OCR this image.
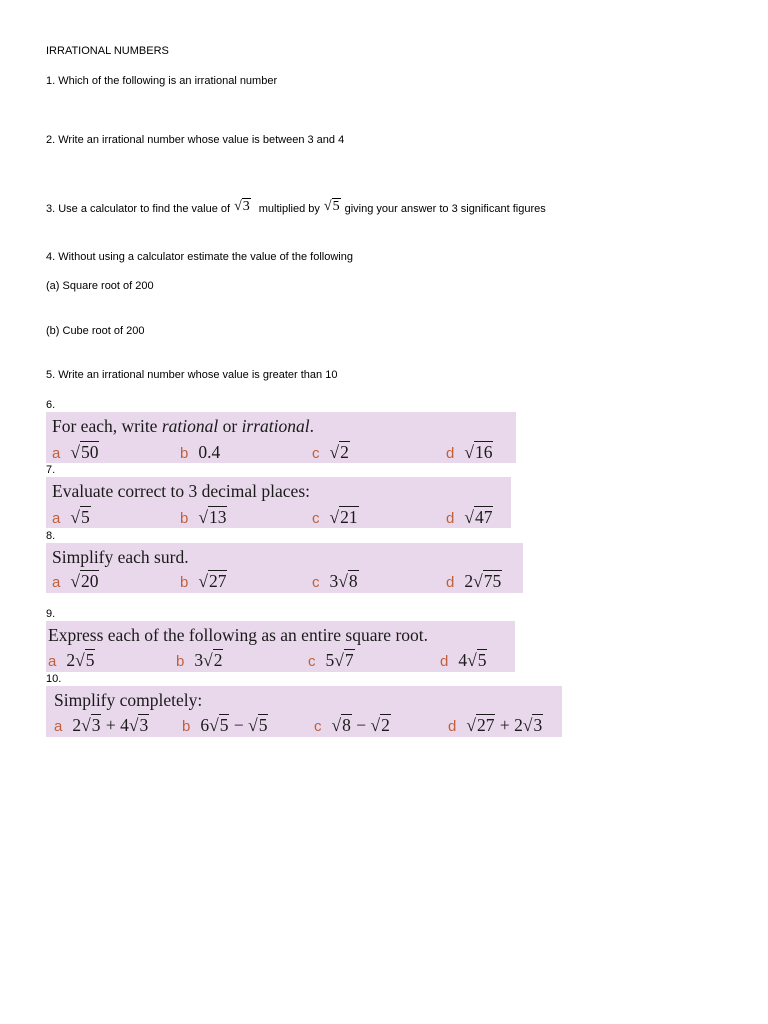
IRRATIONAL NUMBERS
1. Which of the following is an irrational number
2. Write an irrational number whose value is between 3 and 4
3. Use a calculator to find the value of √3 multiplied by √5 giving your answer to 3 significant figures
4. Without using a calculator estimate the value of the following
(a) Square root of 200
(b) Cube root of 200
5. Write an irrational number whose value is greater than 10
6.
For each, write rational or irrational.
a √50	b 0.4	c √2	d √16
7.
Evaluate correct to 3 decimal places:
a √5	b √13	c √21	d √47
8.
Simplify each surd.
a √20	b √27	c 3√8	d 2√75
9.
Express each of the following as an entire square root.
a 2√5	b 3√2	c 5√7	d 4√5
10.
Simplify completely:
a 2√3 + 4√3 b 6√5 − √5	c √8 − √2	d √27 + 2√3
